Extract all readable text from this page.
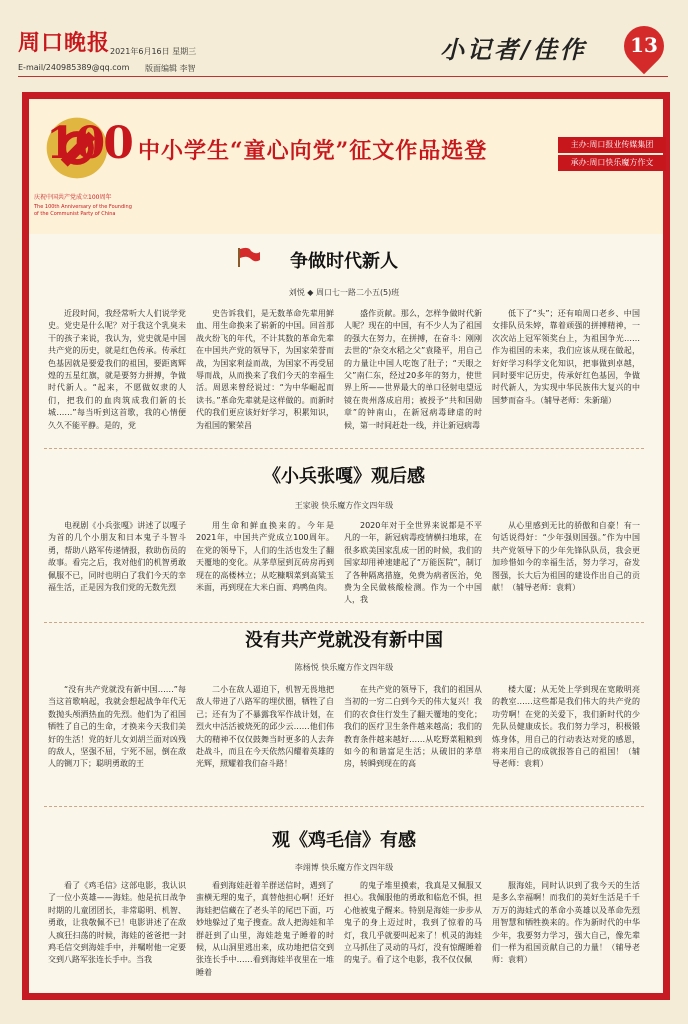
周口晚报 2021年6月16日 星期三
E-mail/240985389@qq.com 版面编辑 李智
小记者/佳作	13
100
庆祝中国共产党成立100周年
The 100th Anniversary of the Founding of the Communist Party of China
中小学生“童心向党”征文作品选登	主办:周口报业传媒集团
承办:周口快乐魔方作文
争做时代新人
刘悦 ◆ 周口七一路二小五(5)班

近段时间，我经常听大人们说学党史。党史是什么呢？对于我这个乳臭未干的孩子来说，我认为，党史就是中国共产党的历史，就是红色传承。传承红色基因就是要爱我们的祖国，要距离辉煌的五星红旗，就是要努力拼搏，争做时代新人。“起来，不愿做奴隶的人们，把我们的血肉筑成我们新的长城……”每当听到这首歌，我的心情便久久不能平静。是的，党

史告诉我们，是无数革命先辈用鲜血、用生命换来了崭新的中国。回首那战火纷飞的年代，不计其数的革命先辈在中国共产党的领导下，为国家荣誉而战，为国家利益而战，为国家不再受屈辱而战，从而换来了我们今天的幸福生活。周恩来曾经说过：“为中华崛起而读书。”革命先辈就是这样做的。而新时代的我们更应该好好学习，积累知识，为祖国的繁荣昌

盛作贡献。那么，怎样争做时代新人呢？现在的中国，有不少人为了祖国的强大在努力，在拼搏，在奋斗：刚刚去世的“杂交水稻之父”袁隆平，用自己的力量让中国人吃饱了肚子；“天眼之父”南仁东，经过20多年的努力，使世界上所——世界最大的单口径射电望远镜在贵州落成启用；被授予“共和国勋章”的钟南山，在新冠病毒肆虐的时候，第一时间赶赴一线，并让新冠病毒

低下了“头”；还有咱周口老乡、中国女排队员朱婷，靠着顽强的拼搏精神，一次次站上冠军领奖台上，为祖国争光……作为祖国的未来，我们应该从现在做起，好好学习科学文化知识，把事做到卓越，同时要牢记历史，传承好红色基因，争做时代新人，为实现中华民族伟大复兴的中国梦而奋斗。（辅导老师：朱新瑞）

《小兵张嘎》观后感
王家骏 快乐魔方作文四年级

电视剧《小兵张嘎》讲述了以嘎子为首的几个小朋友和日本鬼子斗智斗勇，帮助八路军传递情报，救助伤员的故事。看完之后，我对他们的机智勇敢佩服不已，同时也明白了我们今天的幸福生活，正是因为我们党的无数先烈

用生命和鲜血换来的。今年是2021年，中国共产党成立100周年。在党的领导下，人们的生活也发生了翻天覆地的变化。从茅草屋到瓦砖房再到现在的高楼林立；从吃糠咽菜到高粱玉米面，再到现在大米白面、鸡鸭鱼肉。

2020年对于全世界来说都是不平凡的一年，新冠病毒疫情横扫地球，在很多欧美国家乱成一团的时候，我们的国家却用神速建起了“万能医院”，制订了各种隔离措施，免费为病者医治，免费为全民做核酸检测。作为一个中国人，我

从心里感到无比的骄傲和自豪！有一句话说得好：“少年强则国强。”作为中国共产党领导下的少年先锋队队员，我会更加珍惜如今的幸福生活，努力学习，奋发图强，长大后为祖国的建设作出自己的贡献！（辅导老师：袁莉）

没有共产党就没有新中国
陈杨悦 快乐魔方作文四年级

“没有共产党就没有新中国……”每当这首歌响起，我就会想起战争年代无数抛头颅洒热血的先烈。他们为了祖国牺牲了自己的生命，才换来今天我们美好的生活！党的好儿女刘胡兰面对凶残的敌人，坚强不屈，宁死不屈，倒在敌人的铡刀下；聪明勇敢的王

二小在敌人逼迫下，机智无畏地把敌人带进了八路军的埋伏圈，牺牲了自己；还有为了不暴露我军作战计划，在烈火中活活被烧死的邱少云……他们伟大的精神不仅仅鼓舞当时更多的人去奔赴战斗，而且在今天依然闪耀着英雄的光辉，照耀着我们奋斗路！

在共产党的领导下，我们的祖国从当初的一穷二白到今天的伟大复兴！我们的衣食住行发生了翻天覆地的变化；我们的医疗卫生条件越来越高；我们的教育条件越来越好……从吃野菜粗粮到如今的和谐富足生活；从破旧的茅草房，转瞬到现在的高

楼大厦；从无处上学到现在宽敞明亮的教室……这些都是我们伟大的共产党的功劳啊！在党的关爱下，我们新时代的少先队员健康成长。我们努力学习，积极锻炼身体，用自己的行动表达对党的感恩，将来用自己的成就报答自己的祖国！（辅导老师：袁莉）

观《鸡毛信》有感
李翊博 快乐魔方作文四年级

看了《鸡毛信》这部电影，我认识了一位小英雄——海娃。他是抗日战争时期的儿童团团长，非常聪明、机智、勇敢，让我敬佩不已！电影讲述了在敌人疯狂扫荡的时候，海娃的爸爸把一封鸡毛信交到海娃手中，并嘱咐他一定要交到八路军张连长手中。当我

看到海娃赶着羊群送信时，遇到了蛮横无理的鬼子，真替他担心啊！还好海娃把信藏在了老头羊的尾巴下面，巧妙地躲过了鬼子搜查。敌人把海娃和羊群赶到了山里，海娃趁鬼子睡着的时候，从山洞里逃出来，成功地把信交到张连长手中……看到海娃半夜里在一堆睡着

的鬼子堆里摸索，我真是又佩服又担心。我佩服他的勇敢和临危不惧，担心他被鬼子醒来。特别是海娃一步步从鬼子的身上迈过时，我到了惊着的马灯，我几乎就要叫起来了！机灵的海娃立马抓住了灵动的马灯，没有惊醒睡着的鬼子。看了这个电影，我不仅仅佩

服海娃，同时认识到了我今天的生活是多么幸福啊！而我们的美好生活是千千万万的海娃式的革命小英雄以及革命先烈用智慧和牺牲换来的。作为新时代的中华少年，我要努力学习，强大自己，像先辈们一样为祖国贡献自己的力量！（辅导老师：袁莉）
